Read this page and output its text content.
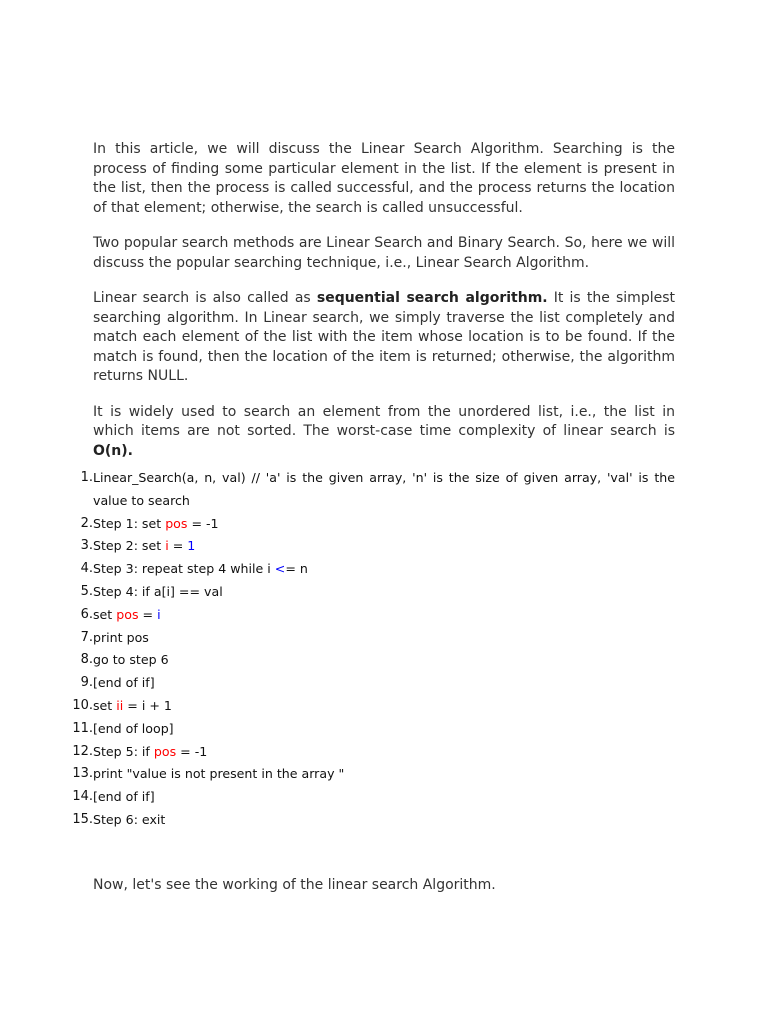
In this article, we will discuss the Linear Search Algorithm. Searching is the process of finding some particular element in the list. If the element is present in the list, then the process is called successful, and the process returns the location of that element; otherwise, the search is called unsuccessful.

Two popular search methods are Linear Search and Binary Search. So, here we will discuss the popular searching technique, i.e., Linear Search Algorithm.

Linear search is also called as sequential search algorithm. It is the simplest searching algorithm. In Linear search, we simply traverse the list completely and match each element of the list with the item whose location is to be found. If the match is found, then the location of the item is returned; otherwise, the algorithm returns NULL.

It is widely used to search an element from the unordered list, i.e., the list in which items are not sorted. The worst-case time complexity of linear search is O(n).

1. Linear_Search(a, n, val) // 'a' is the given array, 'n' is the size of given array, 'val' is the value to search
2. Step 1: set pos = -1
3. Step 2: set i = 1
4. Step 3: repeat step 4 while i <= n
5. Step 4: if a[i] == val
6. set pos = i
7. print pos
8. go to step 6
9. [end of if]
10. set ii = i + 1
11. [end of loop]
12. Step 5: if pos = -1
13. print "value is not present in the array "
14. [end of if]
15. Step 6: exit

Now, let's see the working of the linear search Algorithm.
